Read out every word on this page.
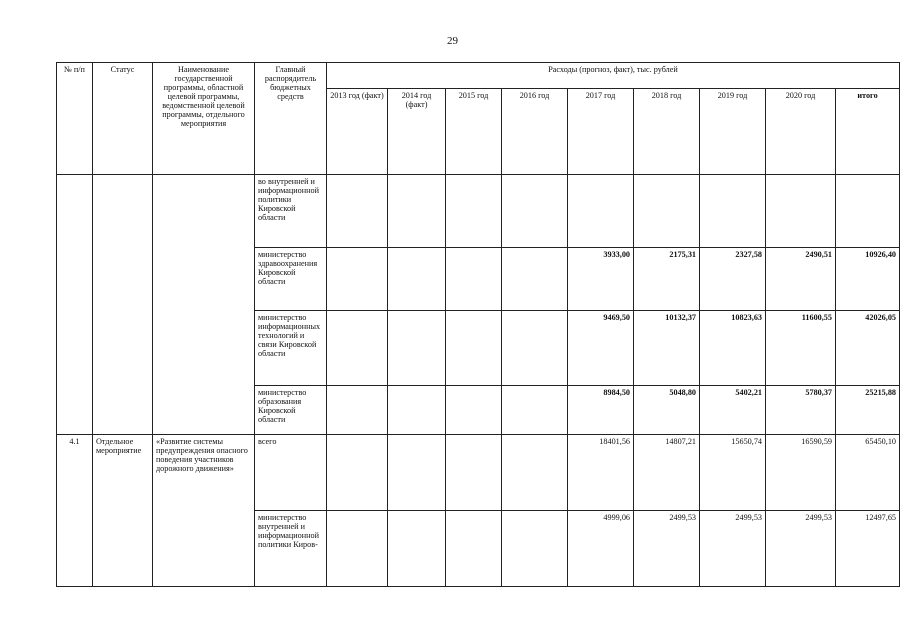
29
№ п/п	Статус	Наименование государственной программы, областной целевой программы, ведомственной целевой программы, отдельного мероприятия	Главный распорядитель бюджетных средств	Расходы (прогноз, факт), тыс. рублей								
				2013 год (факт)	2014 год (факт)	2015 год	2016 год	2017 год	2018 год	2019 год	2020 год	итого
			во внутренней и информационной политики Кировской области									
			министерство здравоохранения Кировской области					3933,00	2175,31	2327,58	2490,51	10926,40
			министерство информационных технологий и связи Кировской области					9469,50	10132,37	10823,63	11600,55	42026,05
			министерство образования Кировской области					8984,50	5048,80	5402,21	5780,37	25215,88
4.1	Отдельное мероприятие	«Развитие системы предупреждения опасного поведения участников дорожного движения»	всего					18401,56	14807,21	15650,74	16590,59	65450,10
			министерство внутренней и информационной политики Киров-					4999,06	2499,53	2499,53	2499,53	12497,65
